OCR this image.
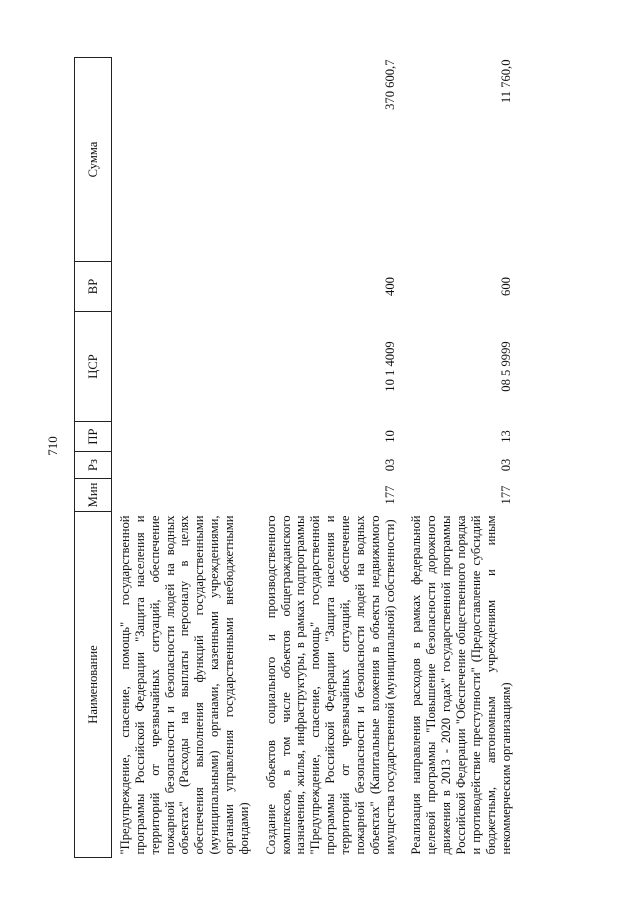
710
Наименование	Мин	Рз	ПР	ЦСР	ВР	Сумма
"Предупреждение, спасение, помощь" государственной программы Российской Федерации "Защита населения и территорий от чрезвычайных ситуаций, обеспечение пожарной безопасности и безопасности людей на водных объектах" (Расходы на выплаты персоналу в целях обеспечения выполнения функций государственными (муниципальными) органами, казенными учреждениями, органами управления государственными внебюджетными фондами)						

Создание объектов социального и производственного комплексов, в том числе объектов общегражданского назначения, жилья, инфраструктуры, в рамках подпрограммы "Предупреждение, спасение, помощь" государственной программы Российской Федерации "Защита населения и территорий от чрезвычайных ситуаций, обеспечение пожарной безопасности и безопасности людей на водных объектах" (Капитальные вложения в объекты недвижимого имущества государственной (муниципальной) собственности)	177	03	10	10 1 4009	400	370 600,7

Реализация направления расходов в рамках федеральной целевой программы "Повышение безопасности дорожного движения в 2013 - 2020 годах" государственной программы Российской Федерации "Обеспечение общественного порядка и противодействие преступности" (Предоставление субсидий бюджетным, автономным учреждениям и иным некоммерческим организациям)	177	03	13	08 5 9999	600	11 760,0
